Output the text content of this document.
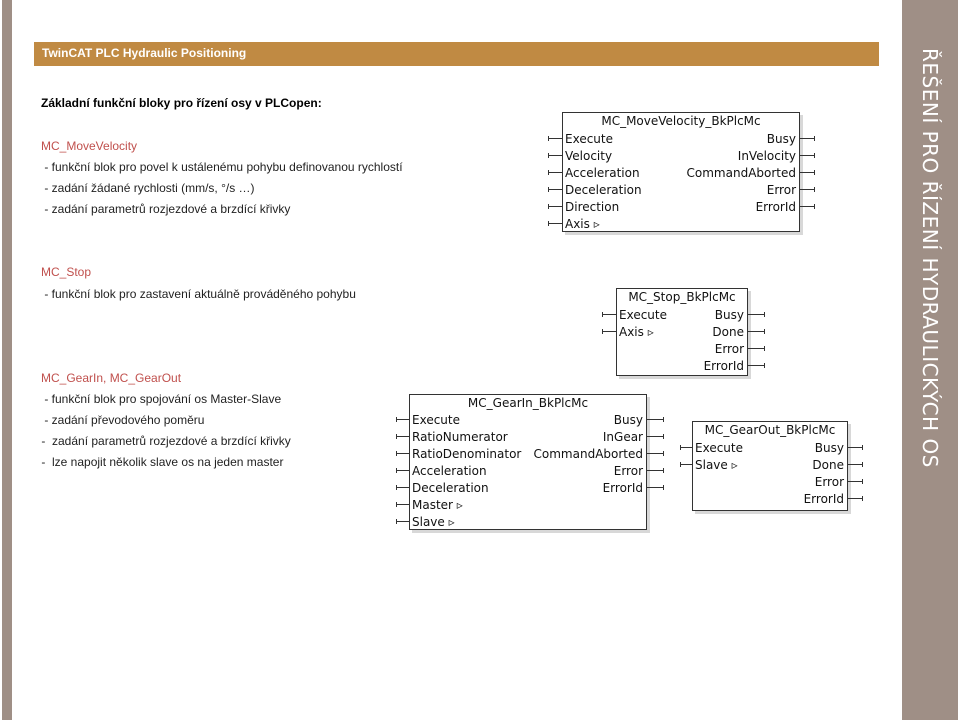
ŘEŠENÍ PRO ŘÍZENÍ HYDRAULICKÝCH OS
TwinCAT PLC Hydraulic Positioning
Základní funkční bloky pro řízení osy v PLCopen:
MC_MoveVelocity
- funkční blok pro povel k ustálenému pohybu definovanou rychlostí
- zadání žádané rychlosti (mm/s, °/s …)
- zadání parametrů rozjezdové a brzdící křivky
MC_Stop
- funkční blok pro zastavení aktuálně prováděného pohybu
MC_GearIn, MC_GearOut
- funkční blok pro spojování os Master-Slave
- zadání převodového poměru
-  zadání parametrů rozjezdové a brzdící křivky
-  lze napojit několik slave os na jeden master
MC_MoveVelocity_BkPlcMc
Execute
Velocity
Acceleration
Deceleration
Direction
Axis ▹
Busy
InVelocity
CommandAborted
Error
ErrorId
MC_Stop_BkPlcMc
Execute
Axis ▹
Busy
Done
Error
ErrorId
MC_GearIn_BkPlcMc
Execute
RatioNumerator
RatioDenominator
Acceleration
Deceleration
Master ▹
Slave ▹
Busy
InGear
CommandAborted
Error
ErrorId
MC_GearOut_BkPlcMc
Execute
Slave ▹
Busy
Done
Error
ErrorId
